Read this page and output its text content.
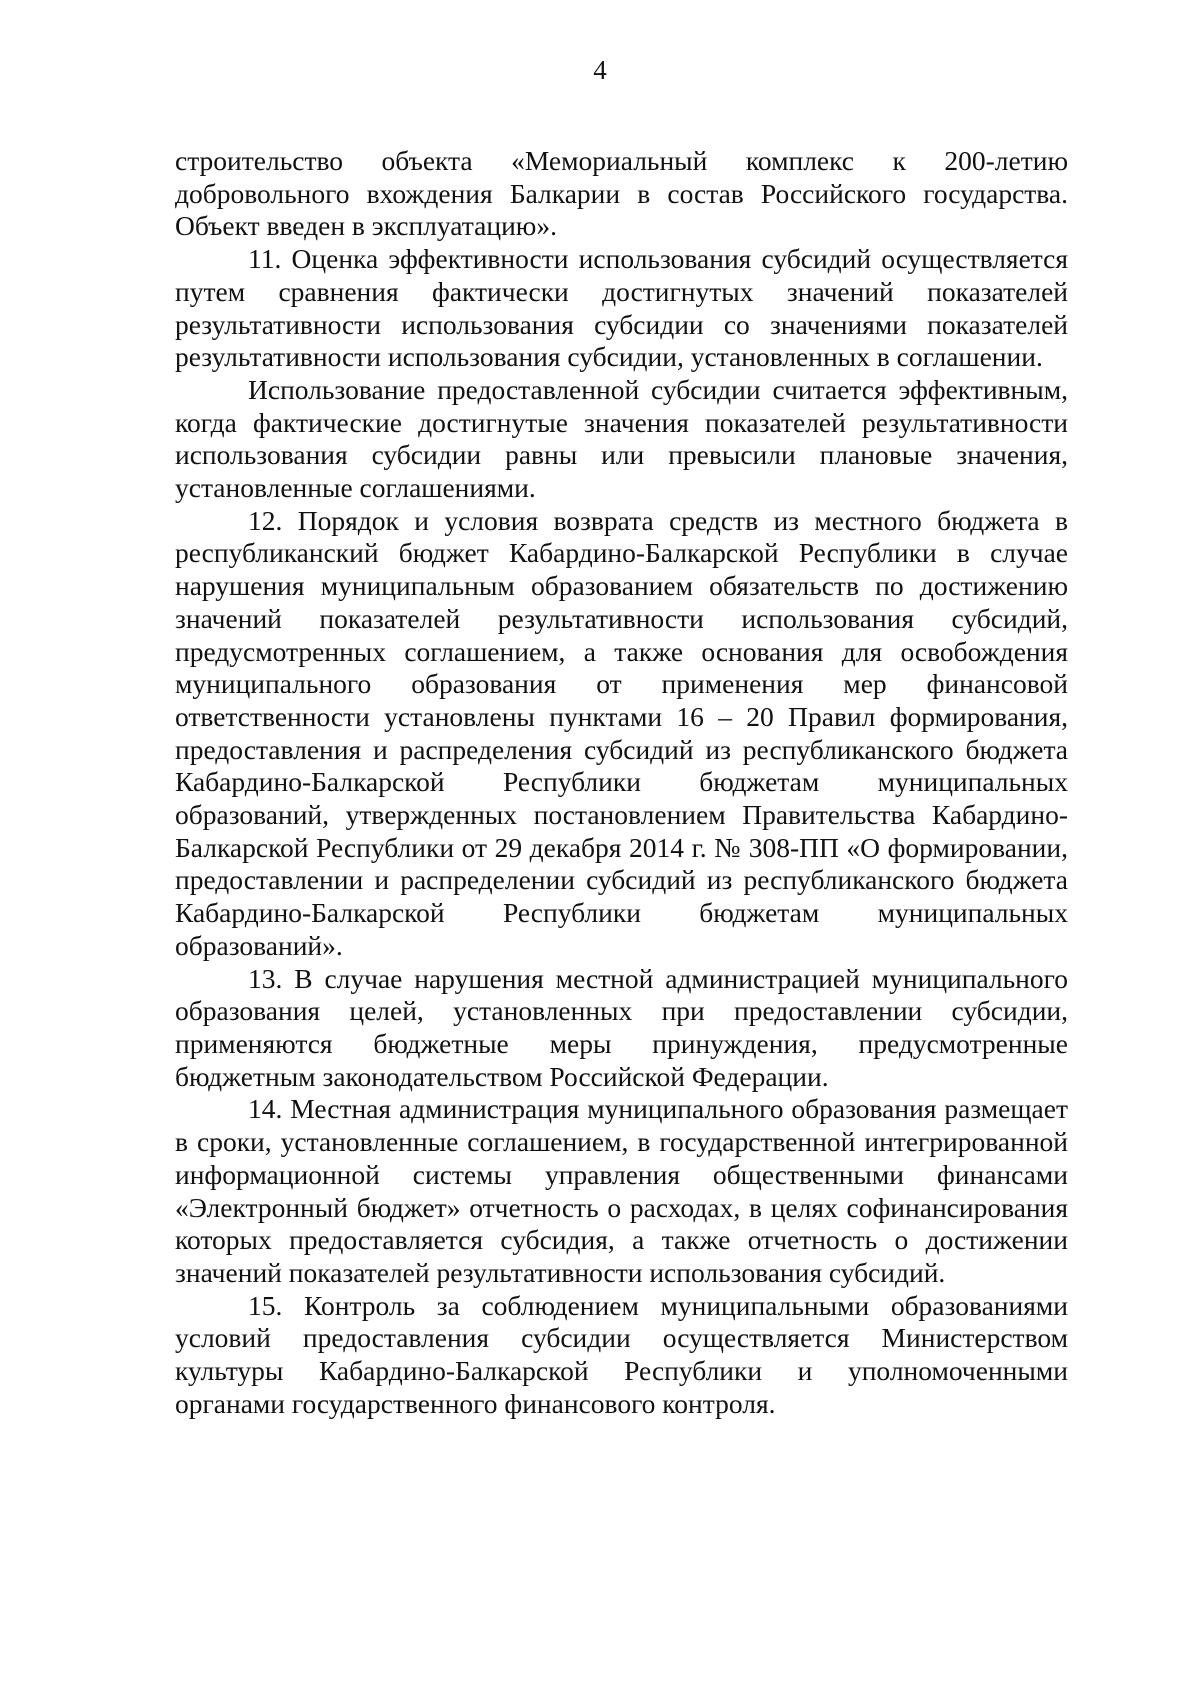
4

строительство объекта «Мемориальный комплекс к 200-летию добровольного вхождения Балкарии в состав Российского государства. Объект введен в эксплуатацию».

11. Оценка эффективности использования субсидий осуществляется путем сравнения фактически достигнутых значений показателей результативности использования субсидии со значениями показателей результативности использования субсидии, установленных в соглашении.

Использование предоставленной субсидии считается эффективным, когда фактические достигнутые значения показателей результативности использования субсидии равны или превысили плановые значения, установленные соглашениями.

12. Порядок и условия возврата средств из местного бюджета в республиканский бюджет Кабардино-Балкарской Республики в случае нарушения муниципальным образованием обязательств по достижению значений показателей результативности использования субсидий, предусмотренных соглашением, а также основания для освобождения муниципального образования от применения мер финансовой ответственности установлены пунктами 16 – 20 Правил формирования, предоставления и распределения субсидий из республиканского бюджета Кабардино-Балкарской Республики бюджетам муниципальных образований, утвержденных постановлением Правительства Кабардино-Балкарской Республики от 29 декабря 2014 г. № 308-ПП «О формировании, предоставлении и распределении субсидий из республиканского бюджета Кабардино-Балкарской Республики бюджетам муниципальных образований».

13. В случае нарушения местной администрацией муниципального образования целей, установленных при предоставлении субсидии, применяются бюджетные меры принуждения, предусмотренные бюджетным законодательством Российской Федерации.

14. Местная администрация муниципального образования размещает в сроки, установленные соглашением, в государственной интегрированной информационной системы управления общественными финансами «Электронный бюджет» отчетность о расходах, в целях софинансирования которых предоставляется субсидия, а также отчетность о достижении значений показателей результативности использования субсидий.

15. Контроль за соблюдением муниципальными образованиями условий предоставления субсидии осуществляется Министерством культуры Кабардино-Балкарской Республики и уполномоченными органами государственного финансового контроля.
